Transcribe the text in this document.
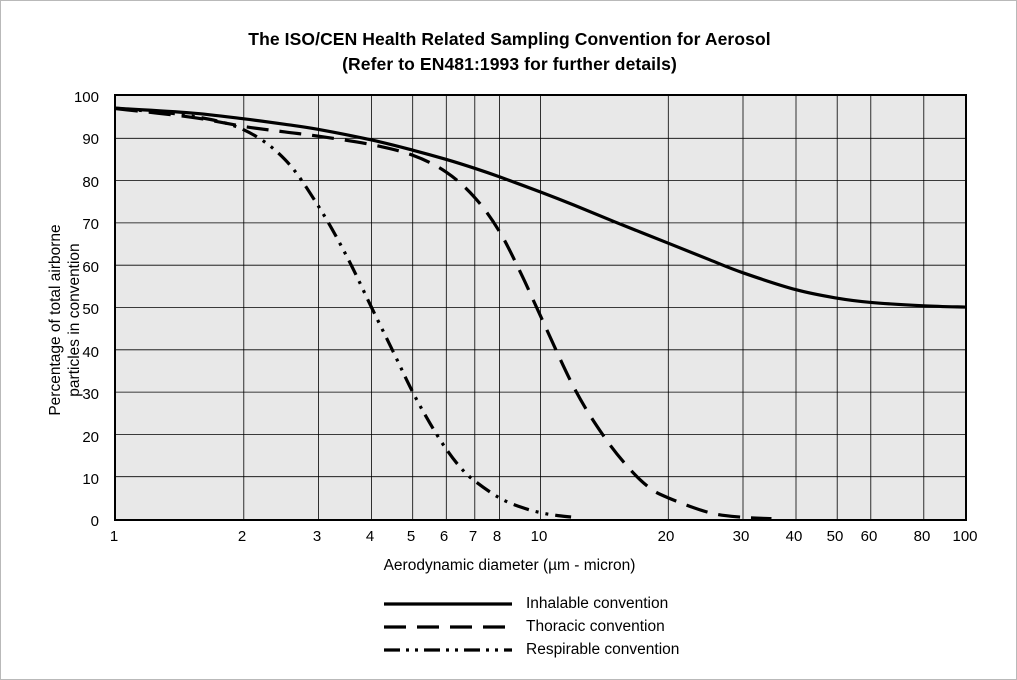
The ISO/CEN Health Related Sampling Convention for Aerosol
(Refer to EN481:1993 for further details)
Percentage of total airborne particles in convention
100
90
80
70
60
50
40
30
20
10
0
1	2	3	4	5	6	7	8	10	20	30	40	50	60	80	100
Aerodynamic diameter (µm - micron)
Inhalable convention
Thoracic convention
Respirable convention
